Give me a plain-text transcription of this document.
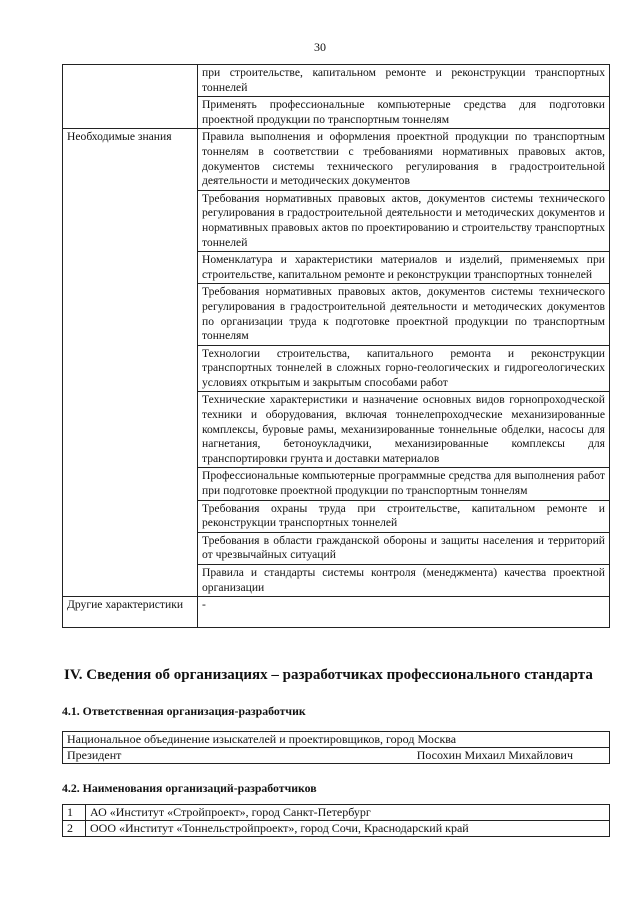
30
	при строительстве, капитальном ремонте и реконструкции транспортных тоннелей
	Применять профессиональные компьютерные средства для подготовки проектной продукции по транспортным тоннелям
Необходимые знания	Правила выполнения и оформления проектной продукции по транспортным тоннелям в соответствии с требованиями нормативных правовых актов, документов системы технического регулирования в градостроительной деятельности и методических документов
	Требования нормативных правовых актов, документов системы технического регулирования в градостроительной деятельности и методических документов и нормативных правовых актов по проектированию и строительству транспортных тоннелей
	Номенклатура и характеристики материалов и изделий, применяемых при строительстве, капитальном ремонте и реконструкции транспортных тоннелей
	Требования нормативных правовых актов, документов системы технического регулирования в градостроительной деятельности и методических документов по организации труда к подготовке проектной продукции по транспортным тоннелям
	Технологии строительства, капитального ремонта и реконструкции транспортных тоннелей в сложных горно-геологических и гидрогеологических условиях открытым и закрытым способами работ
	Технические характеристики и назначение основных видов горнопроходческой техники и оборудования, включая тоннелепроходческие механизированные комплексы, буровые рамы, механизированные тоннельные обделки, насосы для нагнетания, бетоноукладчики, механизированные комплексы для транспортировки грунта и доставки материалов
	Профессиональные компьютерные программные средства для выполнения работ при подготовке проектной продукции по транспортным тоннелям
	Требования охраны труда при строительстве, капитальном ремонте и реконструкции транспортных тоннелей
	Требования в области гражданской обороны и защиты населения и территорий от чрезвычайных ситуаций
	Правила и стандарты системы контроля (менеджмента) качества проектной организации
Другие характеристики	-
IV. Сведения об организациях – разработчиках профессионального стандарта
4.1. Ответственная организация-разработчик
Национальное объединение изыскателей и проектировщиков, город Москва

Президент	Посохин Михаил Михайлович
4.2. Наименования организаций-разработчиков
1	АО «Институт «Стройпроект», город Санкт-Петербург
2	ООО «Институт «Тоннельстройпроект», город Сочи, Краснодарский край
